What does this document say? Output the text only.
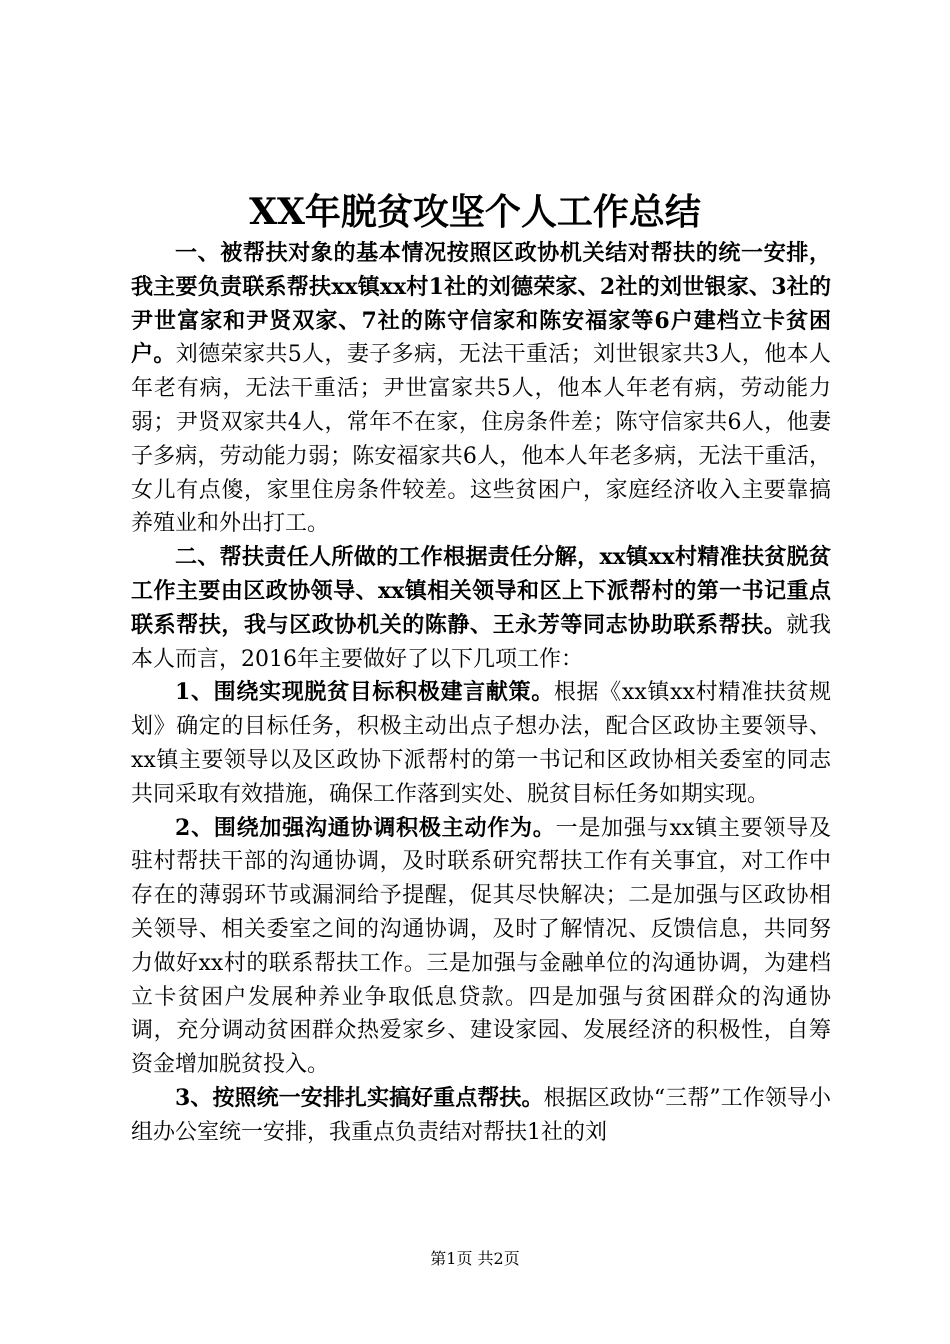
XX年脱贫攻坚个人工作总结

一、被帮扶对象的基本情况按照区政协机关结对帮扶的统一安排，我主要负责联系帮扶xx镇xx村1社的刘德荣家、2社的刘世银家、3社的尹世富家和尹贤双家、7社的陈守信家和陈安福家等6户建档立卡贫困户。刘德荣家共5人，妻子多病，无法干重活；刘世银家共3人，他本人年老有病，无法干重活；尹世富家共5人，他本人年老有病，劳动能力弱；尹贤双家共4人，常年不在家，住房条件差；陈守信家共6人，他妻子多病，劳动能力弱；陈安福家共6人，他本人年老多病，无法干重活，女儿有点傻，家里住房条件较差。这些贫困户，家庭经济收入主要靠搞养殖业和外出打工。

二、帮扶责任人所做的工作根据责任分解，xx镇xx村精准扶贫脱贫工作主要由区政协领导、xx镇相关领导和区上下派帮村的第一书记重点联系帮扶，我与区政协机关的陈静、王永芳等同志协助联系帮扶。就我本人而言，2016年主要做好了以下几项工作：

1、围绕实现脱贫目标积极建言献策。根据《xx镇xx村精准扶贫规划》确定的目标任务，积极主动出点子想办法，配合区政协主要领导、xx镇主要领导以及区政协下派帮村的第一书记和区政协相关委室的同志共同采取有效措施，确保工作落到实处、脱贫目标任务如期实现。

2、围绕加强沟通协调积极主动作为。一是加强与xx镇主要领导及驻村帮扶干部的沟通协调，及时联系研究帮扶工作有关事宜，对工作中存在的薄弱环节或漏洞给予提醒，促其尽快解决；二是加强与区政协相关领导、相关委室之间的沟通协调，及时了解情况、反馈信息，共同努力做好xx村的联系帮扶工作。三是加强与金融单位的沟通协调，为建档立卡贫困户发展种养业争取低息贷款。四是加强与贫困群众的沟通协调，充分调动贫困群众热爱家乡、建设家园、发展经济的积极性，自筹资金增加脱贫投入。

3、按照统一安排扎实搞好重点帮扶。根据区政协“三帮”工作领导小组办公室统一安排，我重点负责结对帮扶1社的刘

第1页 共2页
